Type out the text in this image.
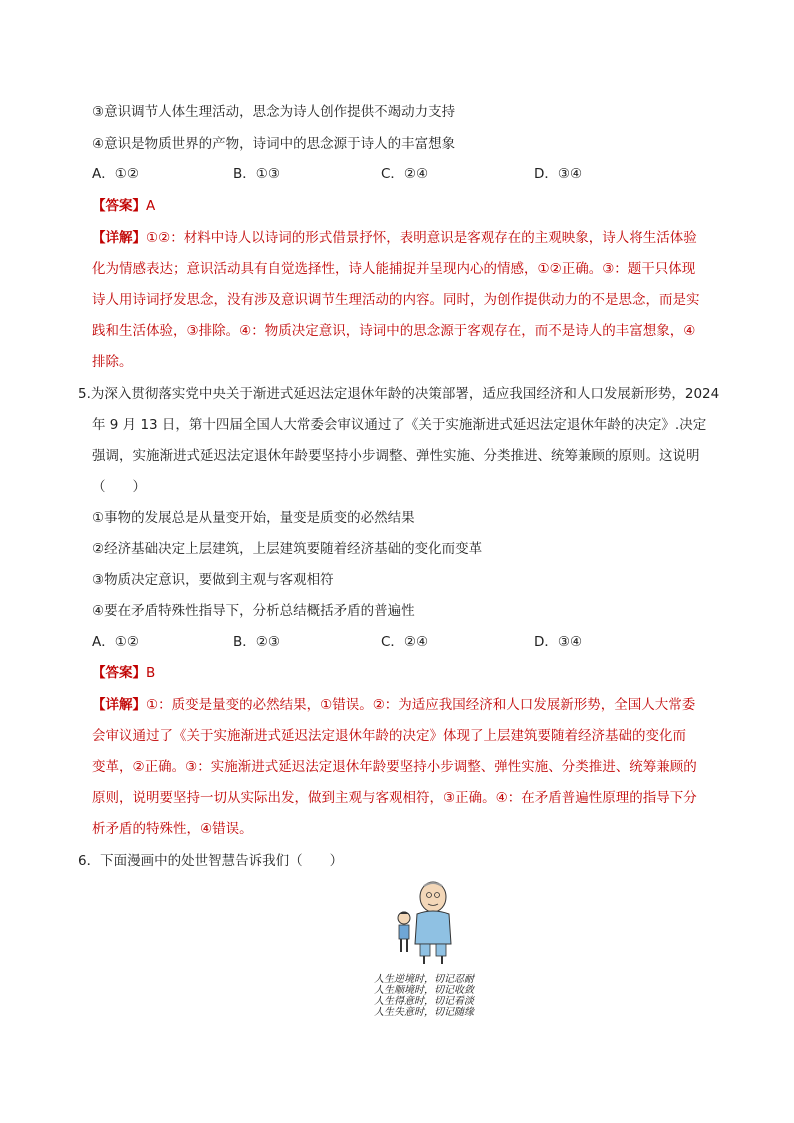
③意识调节人体生理活动，思念为诗人创作提供不竭动力支持
④意识是物质世界的产物，诗词中的思念源于诗人的丰富想象
A．①②	B．①③	C．②④	D．③④
【答案】A
【详解】①②：材料中诗人以诗词的形式借景抒怀，表明意识是客观存在的主观映象，诗人将生活体验
化为情感表达；意识活动具有自觉选择性，诗人能捕捉并呈现内心的情感，①②正确。③：题干只体现
诗人用诗词抒发思念，没有涉及意识调节生理活动的内容。同时，为创作提供动力的不是思念，而是实
践和生活体验，③排除。④：物质决定意识，诗词中的思念源于客观存在，而不是诗人的丰富想象，④
排除。
5.为深入贯彻落实党中央关于渐进式延迟法定退休年龄的决策部署，适应我国经济和人口发展新形势，2024
年 9 月 13 日，第十四届全国人大常委会审议通过了《关于实施渐进式延迟法定退休年龄的决定》.决定
强调，实施渐进式延迟法定退休年龄要坚持小步调整、弹性实施、分类推进、统筹兼顾的原则。这说明
（　　）
①事物的发展总是从量变开始，量变是质变的必然结果
②经济基础决定上层建筑，上层建筑要随着经济基础的变化而变革
③物质决定意识，要做到主观与客观相符
④要在矛盾特殊性指导下，分析总结概括矛盾的普遍性
A．①②	B．②③	C．②④	D．③④
【答案】B
【详解】①：质变是量变的必然结果，①错误。②：为适应我国经济和人口发展新形势，全国人大常委
会审议通过了《关于实施渐进式延迟法定退休年龄的决定》体现了上层建筑要随着经济基础的变化而
变革，②正确。③：实施渐进式延迟法定退休年龄要坚持小步调整、弹性实施、分类推进、统筹兼顾的
原则，说明要坚持一切从实际出发，做到主观与客观相符，③正确。④：在矛盾普遍性原理的指导下分
析矛盾的特殊性，④错误。
6．下面漫画中的处世智慧告诉我们（　　）
人生逆境时，切记忍耐
人生顺境时，切记收敛
人生得意时，切记看淡
人生失意时，切记随缘
